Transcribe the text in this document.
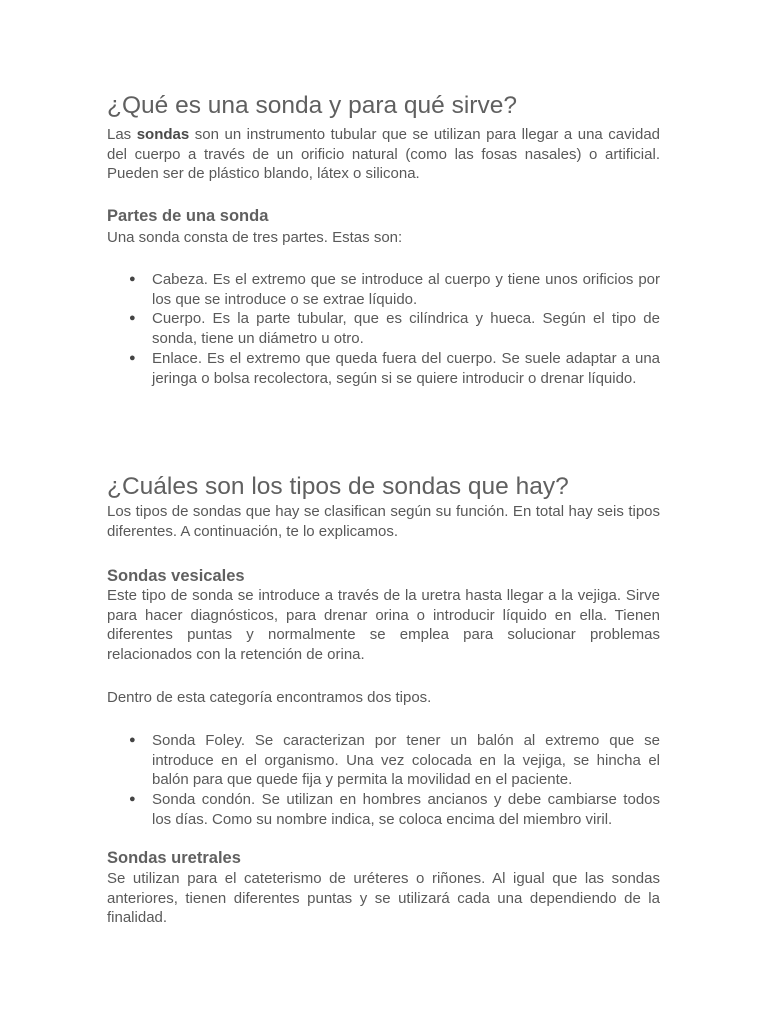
¿Qué es una sonda y para qué sirve?

Las sondas son un instrumento tubular que se utilizan para llegar a una cavidad del cuerpo a través de un orificio natural (como las fosas nasales) o artificial. Pueden ser de plástico blando, látex o silicona.

Partes de una sonda

Una sonda consta de tres partes. Estas son:

● Cabeza. Es el extremo que se introduce al cuerpo y tiene unos orificios por los que se introduce o se extrae líquido.
● Cuerpo. Es la parte tubular, que es cilíndrica y hueca. Según el tipo de sonda, tiene un diámetro u otro.
● Enlace. Es el extremo que queda fuera del cuerpo. Se suele adaptar a una jeringa o bolsa recolectora, según si se quiere introducir o drenar líquido.
¿Cuáles son los tipos de sondas que hay?

Los tipos de sondas que hay se clasifican según su función. En total hay seis tipos diferentes. A continuación, te lo explicamos.

Sondas vesicales

Este tipo de sonda se introduce a través de la uretra hasta llegar a la vejiga. Sirve para hacer diagnósticos, para drenar orina o introducir líquido en ella. Tienen diferentes puntas y normalmente se emplea para solucionar problemas relacionados con la retención de orina.

Dentro de esta categoría encontramos dos tipos.

● Sonda Foley. Se caracterizan por tener un balón al extremo que se introduce en el organismo. Una vez colocada en la vejiga, se hincha el balón para que quede fija y permita la movilidad en el paciente.
● Sonda condón. Se utilizan en hombres ancianos y debe cambiarse todos los días. Como su nombre indica, se coloca encima del miembro viril.
Sondas uretrales

Se utilizan para el cateterismo de uréteres o riñones. Al igual que las sondas anteriores, tienen diferentes puntas y se utilizará cada una dependiendo de la finalidad.
